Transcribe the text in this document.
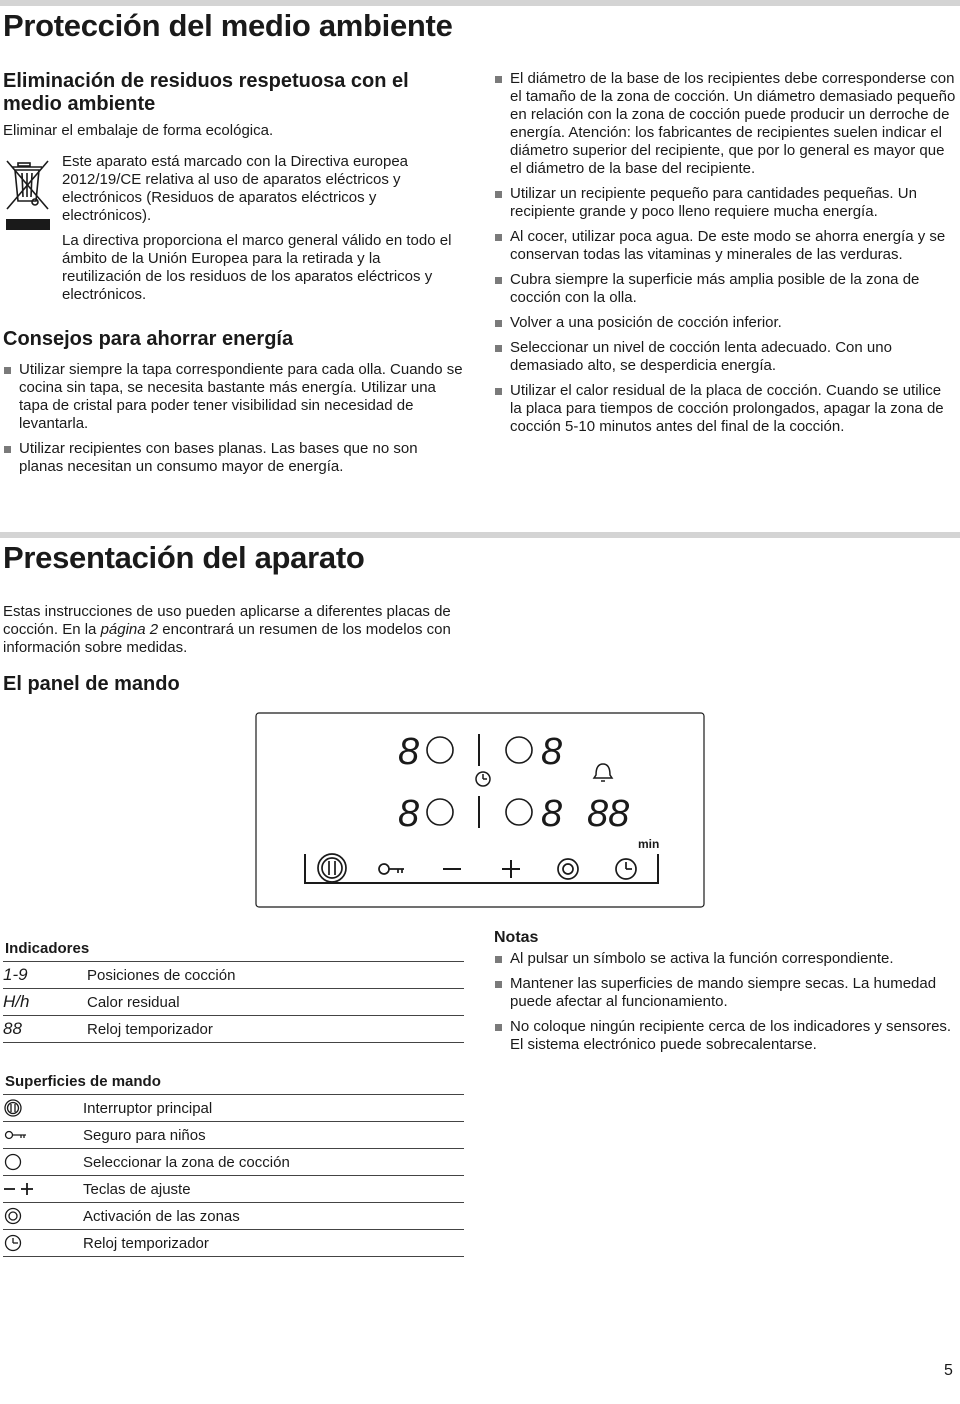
Protección del medio ambiente
Eliminación de residuos respetuosa con el medio ambiente

Eliminar el embalaje de forma ecológica.

Este aparato está marcado con la Directiva europea 2012/19/CE relativa al uso de aparatos eléctricos y electrónicos (Residuos de aparatos eléctricos y electrónicos).

La directiva proporciona el marco general válido en todo el ámbito de la Unión Europea para la retirada y la reutilización de los residuos de los aparatos eléctricos y electrónicos.

Consejos para ahorrar energía
Utilizar siempre la tapa correspondiente para cada olla. Cuando se cocina sin tapa, se necesita bastante más energía. Utilizar una tapa de cristal para poder tener visibilidad sin necesidad de levantarla.
Utilizar recipientes con bases planas. Las bases que no son planas necesitan un consumo mayor de energía.
El diámetro de la base de los recipientes debe corresponderse con el tamaño de la zona de cocción. Un diámetro demasiado pequeño en relación con la zona de cocción puede producir un derroche de energía. Atención: los fabricantes de recipientes suelen indicar el diámetro superior del recipiente, que por lo general es mayor que el diámetro de la base del recipiente.
Utilizar un recipiente pequeño para cantidades pequeñas. Un recipiente grande y poco lleno requiere mucha energía.
Al cocer, utilizar poca agua. De este modo se ahorra energía y se conservan todas las vitaminas y minerales de las verduras.
Cubra siempre la superficie más amplia posible de la zona de cocción con la olla.
Volver a una posición de cocción inferior.
Seleccionar un nivel de cocción lenta adecuado. Con uno demasiado alto, se desperdicia energía.
Utilizar el calor residual de la placa de cocción. Cuando se utilice la placa para tiempos de cocción prolongados, apagar la zona de cocción 5-10 minutos antes del final de la cocción.
Presentación del aparato

Estas instrucciones de uso pueden aplicarse a diferentes placas de cocción. En la página 2 encontrará un resumen de los modelos con información sobre medidas.

El panel de mando
8	8
8	8 88
min
Indicadores	
1-9	Posiciones de cocción
H/h	Calor residual
88	Reloj temporizador
Superficies de mando	

	Interruptor principal

	Seguro para niños

	Seleccionar la zona de cocción

	Teclas de ajuste

	Activación de las zonas

	Reloj temporizador
Notas
Al pulsar un símbolo se activa la función correspondiente.
Mantener las superficies de mando siempre secas. La humedad puede afectar al funcionamiento.
No coloque ningún recipiente cerca de los indicadores y sensores. El sistema electrónico puede sobrecalentarse.
5
